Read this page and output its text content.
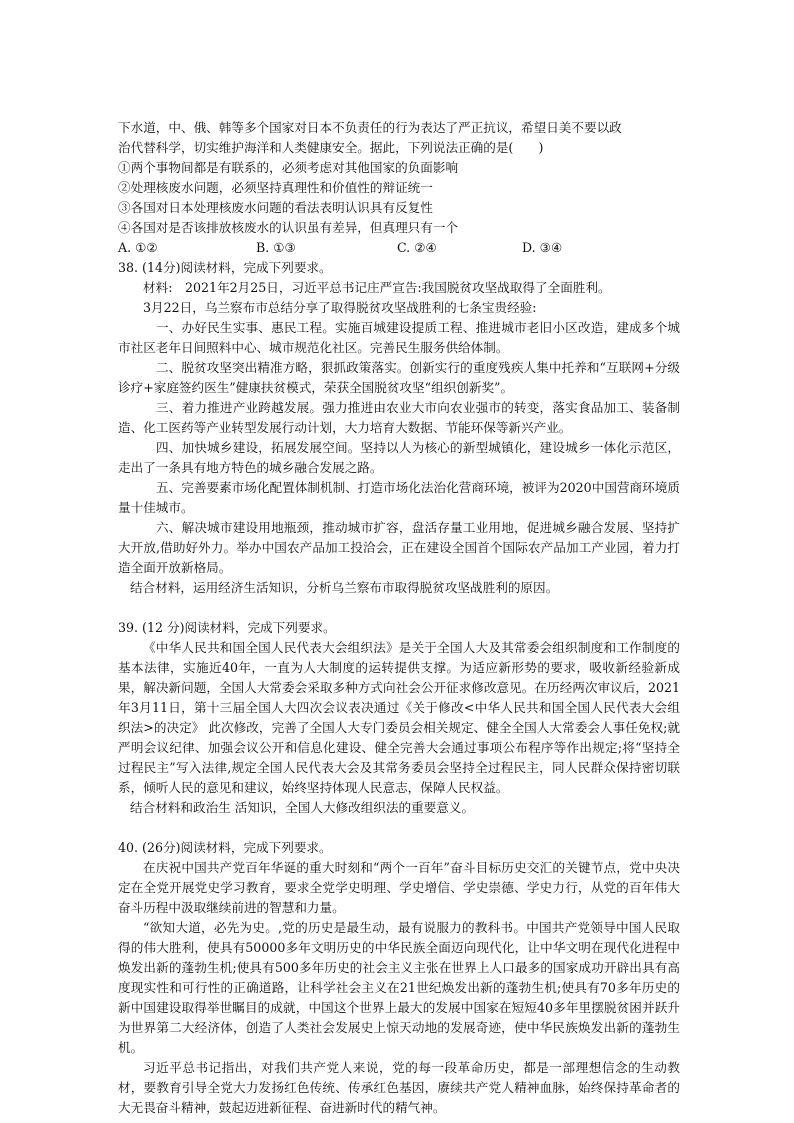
下水道，中、俄、韩等多个国家对日本不负责任的行为表达了严正抗议，希望日美不要以政

治代替科学，切实维护海洋和人类健康安全。据此，下列说法正确的是(　　)

①两个事物间都是有联系的，必须考虑对其他国家的负面影响

②处理核废水问题，必须坚持真理性和价值性的辩证统一

③各国对日本处理核废水问题的看法表明认识具有反复性

④各国对是否该排放核废水的认识虽有差异，但真理只有一个

A. ①②	B. ①③	C. ②④	D. ③④

38. (14分)阅读材料，完成下列要求。

材料:　2021年2月25日，习近平总书记庄严宣告:我国脱贫攻坚战取得了全面胜利。

3月22日，乌兰察布市总结分享了取得脱贫攻坚战胜利的七条宝贵经验:

一、办好民生实事、惠民工程。实施百城建设提质工程、推进城市老旧小区改造，建成多个城市社区老年日间照料中心、城市规范化社区。完善民生服务供给体制。

二、脱贫攻坚突出精准方略，狠抓政策落实。创新实行的重度残疾人集中托养和“互联网+分级诊疗+家庭签约医生”健康扶贫模式，荣获全国脱贫攻坚“组织创新奖”。

三、着力推进产业跨越发展。强力推进由农业大市向农业强市的转变，落实食品加工、装备制造、化工医药等产业转型发展行动计划，大力培育大数据、节能环保等新兴产业。

四、加快城乡建设，拓展发展空间。坚持以人为核心的新型城镇化，建设城乡一体化示范区，走出了一条具有地方特色的城乡融合发展之路。

五、完善要素市场化配置体制机制、打造市场化法治化营商环境，被评为2020中国营商环境质量十佳城市。

六、解决城市建设用地瓶颈，推动城市扩容，盘活存量工业用地，促进城乡融合发展、坚持扩大开放,借助好外力。举办中国农产品加工投洽会，正在建设全国首个国际农产品加工产业园，着力打造全面开放新格局。

结合材料，运用经济生活知识，分析乌兰察布市取得脱贫攻坚战胜利的原因。

39. (12 分)阅读材料，完成下列要求。

《中华人民共和国全国人民代表大会组织法》是关于全国人大及其常委会组织制度和工作制度的基本法律，实施近40年，一直为人大制度的运转提供支撑。为适应新形势的要求，吸收新经验新成果，解决新问题，全国人大常委会采取多种方式向社会公开征求修改意见。在历经两次审议后，2021年3月11日，第十三届全国人大四次会议表决通过《关于修改<中华人民共和国全国人民代表大会组织法>的决定》 此次修改，完善了全国人大专门委员会相关规定、健全全国人大常委会人事任免权;就严明会议纪律、加强会议公开和信息化建设、健全完善大会通过事项公布程序等作出规定;将“坚持全过程民主”写入法律,规定全国人民代表大会及其常务委员会坚持全过程民主，同人民群众保持密切联系，倾听人民的意见和建议，始终坚持体现人民意志，保障人民权益。

结合材料和政治生 活知识，全国人大修改组织法的重要意义。

40. (26分)阅读材料，完成下列要求。

在庆祝中国共产党百年华诞的重大时刻和“两个一百年”奋斗目标历史交汇的关键节点，党中央决定在全党开展党史学习教育，要求全党学史明理、学史增信、学史崇德、学史力行，从党的百年伟大奋斗历程中汲取继续前进的智慧和力量。

“欲知大道，必先为史。,党的历史是最生动，最有说服力的教科书。中国共产党领导中国人民取得的伟大胜利，使具有50000多年文明历史的中华民族全面迈向现代化，让中华文明在现代化进程中焕发出新的蓬勃生机;使具有500多年历史的社会主义主张在世界上人口最多的国家成功开辟出具有高度现实性和可行性的正确道路，让科学社会主义在21世纪焕发出新的蓬勃生机;使具有70多年历史的新中国建设取得举世瞩目的成就，中国这个世界上最大的发展中国家在短短40多年里摆脱贫困并跃升为世界第二大经济体，创造了人类社会发展史上惊天动地的发展奇迹，使中华民族焕发出新的蓬勃生机。

习近平总书记指出，对我们共产党人来说，党的每一段革命历史，都是一部理想信念的生动教材，要教育引导全党大力发扬红色传统、传承红色基因，赓续共产党人精神血脉，始终保持革命者的大无畏奋斗精神，鼓起迈进新征程、奋进新时代的精气神。
